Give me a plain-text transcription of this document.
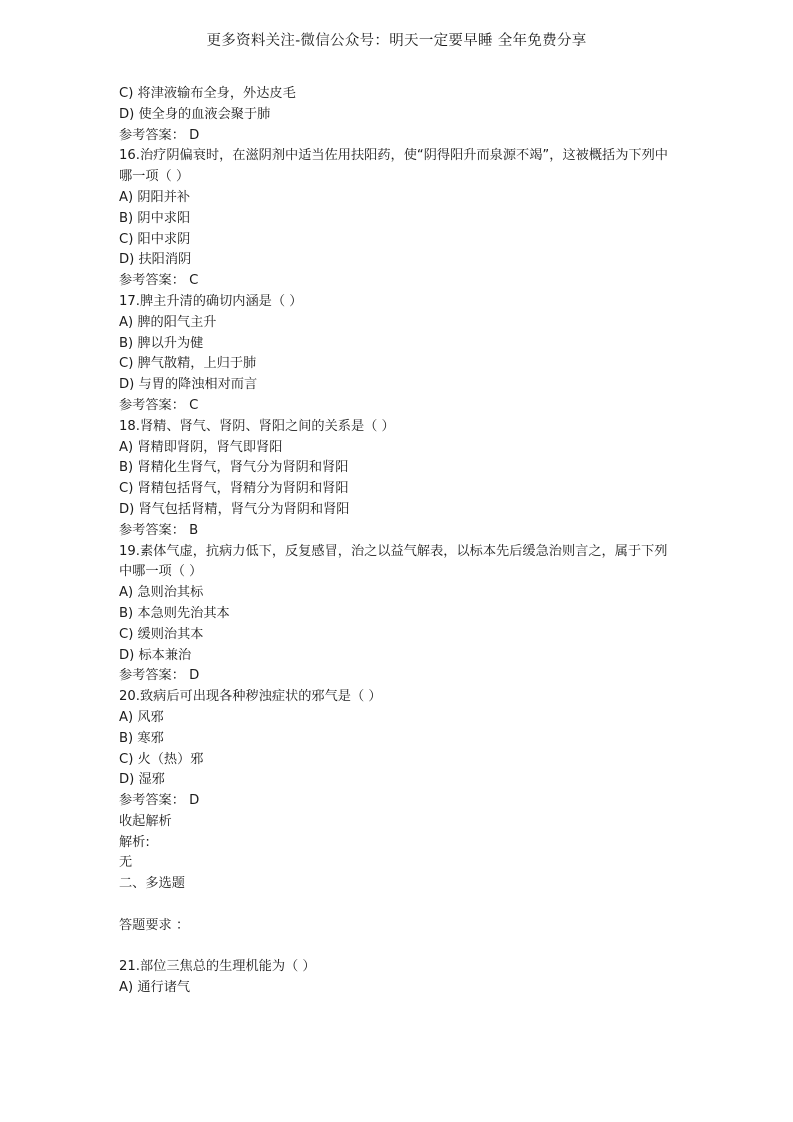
更多资料关注-微信公众号：明天一定要早睡 全年免费分享
C) 将津液输布全身，外达皮毛
D) 使全身的血液会聚于肺
参考答案： D
16.治疗阴偏衰时，在滋阴剂中适当佐用扶阳药，使“阴得阳升而泉源不竭”，这被概括为下列中哪一项（ ）
A) 阴阳并补
B) 阴中求阳
C) 阳中求阴
D) 扶阳消阴
参考答案： C
17.脾主升清的确切内涵是（ ）
A) 脾的阳气主升
B) 脾以升为健
C) 脾气散精，上归于肺
D) 与胃的降浊相对而言
参考答案： C
18.肾精、肾气、肾阴、肾阳之间的关系是（ ）
A) 肾精即肾阴，肾气即肾阳
B) 肾精化生肾气，肾气分为肾阴和肾阳
C) 肾精包括肾气，肾精分为肾阴和肾阳
D) 肾气包括肾精，肾气分为肾阴和肾阳
参考答案： B
19.素体气虚，抗病力低下，反复感冒，治之以益气解表，以标本先后缓急治则言之，属于下列中哪一项（ ）
A) 急则治其标
B) 本急则先治其本
C) 缓则治其本
D) 标本兼治
参考答案： D
20.致病后可出现各种秽浊症状的邪气是（ ）
A) 风邪
B) 寒邪
C) 火（热）邪
D) 湿邪
参考答案： D
收起解析
解析:
无
二、多选题
答题要求 ：
21.部位三焦总的生理机能为（ ）
A) 通行诸气
